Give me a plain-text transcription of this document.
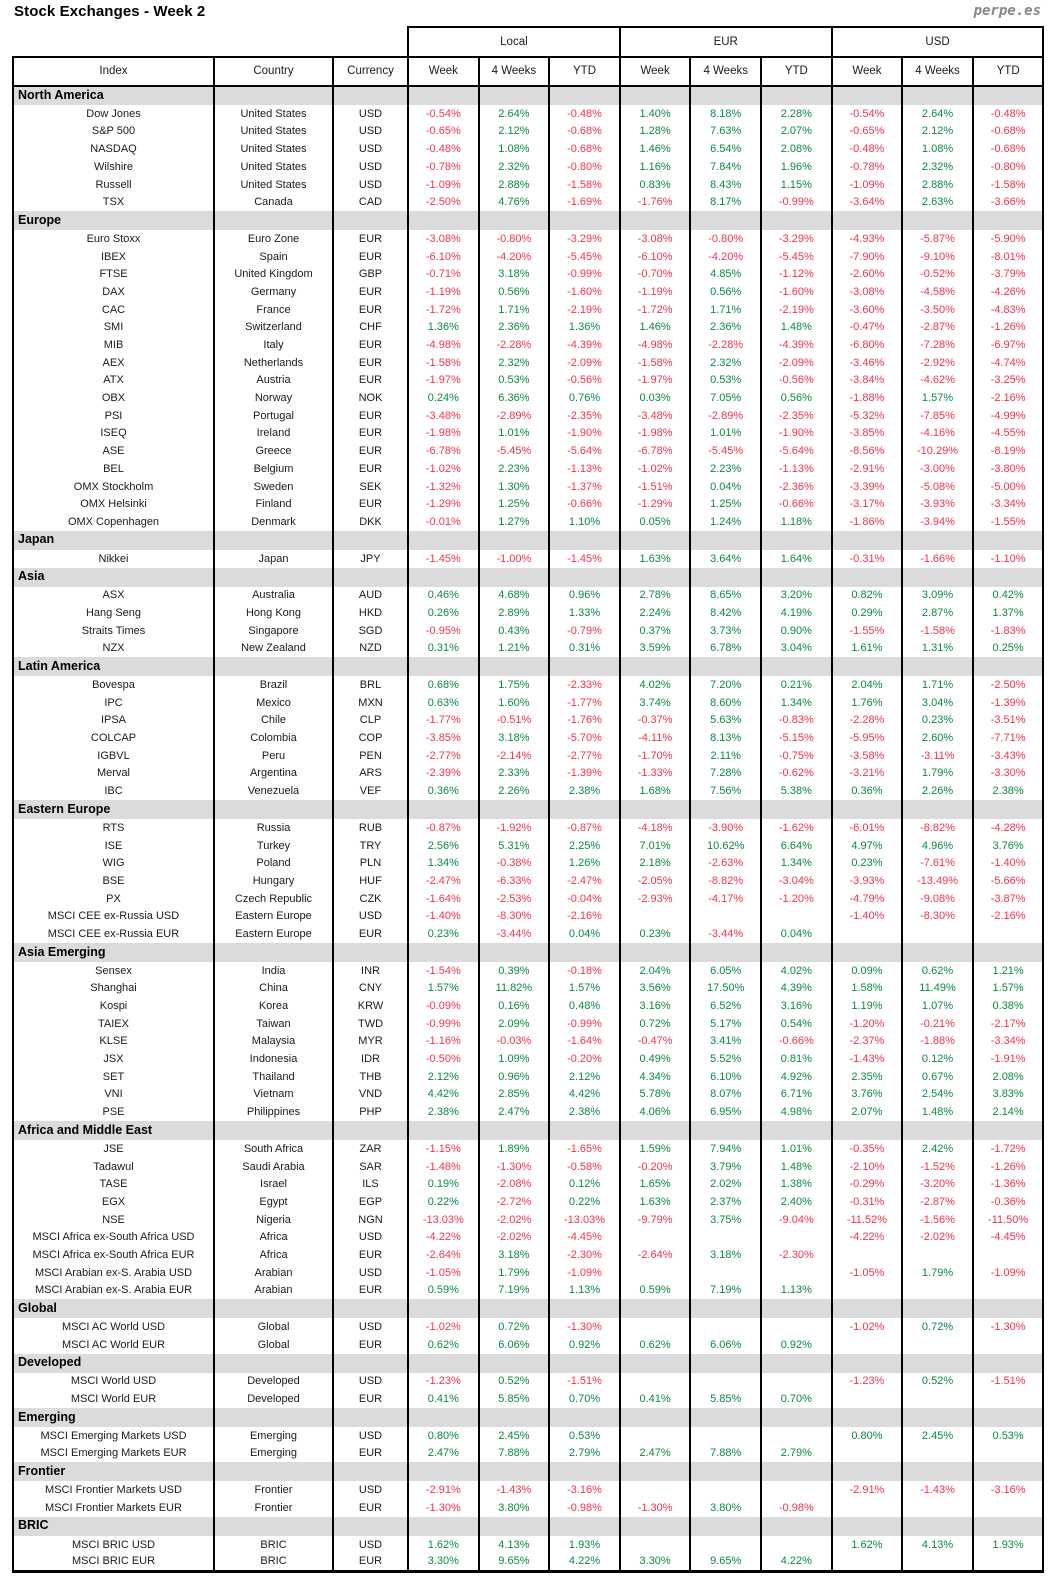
Stock Exchanges - Week 2	perpe.es
			Local			EUR			USD		
Index	Country	Currency	Week	4 Weeks	YTD	Week	4 Weeks	YTD	Week	4 Weeks	YTD
North America											
Dow Jones	United States	USD	-0.54%	2.64%	-0.48%	1.40%	8.18%	2.28%	-0.54%	2.64%	-0.48%
S&P 500	United States	USD	-0.65%	2.12%	-0.68%	1.28%	7.63%	2.07%	-0.65%	2.12%	-0.68%
NASDAQ	United States	USD	-0.48%	1.08%	-0.68%	1.46%	6.54%	2.08%	-0.48%	1.08%	-0.68%
Wilshire	United States	USD	-0.78%	2.32%	-0.80%	1.16%	7.84%	1.96%	-0.78%	2.32%	-0.80%
Russell	United States	USD	-1.09%	2.88%	-1.58%	0.83%	8.43%	1.15%	-1.09%	2.88%	-1.58%
TSX	Canada	CAD	-2.50%	4.76%	-1.69%	-1.76%	8.17%	-0.99%	-3.64%	2.63%	-3.66%
Europe											
Euro Stoxx	Euro Zone	EUR	-3.08%	-0.80%	-3.29%	-3.08%	-0.80%	-3.29%	-4.93%	-5.87%	-5.90%
IBEX	Spain	EUR	-6.10%	-4.20%	-5.45%	-6.10%	-4.20%	-5.45%	-7.90%	-9.10%	-8.01%
FTSE	United Kingdom	GBP	-0.71%	3.18%	-0.99%	-0.70%	4.85%	-1.12%	-2.60%	-0.52%	-3.79%
DAX	Germany	EUR	-1.19%	0.56%	-1.60%	-1.19%	0.56%	-1.60%	-3.08%	-4.58%	-4.26%
CAC	France	EUR	-1.72%	1.71%	-2.19%	-1.72%	1.71%	-2.19%	-3.60%	-3.50%	-4.83%
SMI	Switzerland	CHF	1.36%	2.36%	1.36%	1.46%	2.36%	1.48%	-0.47%	-2.87%	-1.26%
MIB	Italy	EUR	-4.98%	-2.28%	-4.39%	-4.98%	-2.28%	-4.39%	-6.80%	-7.28%	-6.97%
AEX	Netherlands	EUR	-1.58%	2.32%	-2.09%	-1.58%	2.32%	-2.09%	-3.46%	-2.92%	-4.74%
ATX	Austria	EUR	-1.97%	0.53%	-0.56%	-1.97%	0.53%	-0.56%	-3.84%	-4.62%	-3.25%
OBX	Norway	NOK	0.24%	6.36%	0.76%	0.03%	7.05%	0.56%	-1.88%	1.57%	-2.16%
PSI	Portugal	EUR	-3.48%	-2.89%	-2.35%	-3.48%	-2.89%	-2.35%	-5.32%	-7.85%	-4.99%
ISEQ	Ireland	EUR	-1.98%	1.01%	-1.90%	-1.98%	1.01%	-1.90%	-3.85%	-4.16%	-4.55%
ASE	Greece	EUR	-6.78%	-5.45%	-5.64%	-6.78%	-5.45%	-5.64%	-8.56%	-10.29%	-8.19%
BEL	Belgium	EUR	-1.02%	2.23%	-1.13%	-1.02%	2.23%	-1.13%	-2.91%	-3.00%	-3.80%
OMX Stockholm	Sweden	SEK	-1.32%	1.30%	-1.37%	-1.51%	0.04%	-2.36%	-3.39%	-5.08%	-5.00%
OMX Helsinki	Finland	EUR	-1.29%	1.25%	-0.66%	-1.29%	1.25%	-0.66%	-3.17%	-3.93%	-3.34%
OMX Copenhagen	Denmark	DKK	-0.01%	1.27%	1.10%	0.05%	1.24%	1.18%	-1.86%	-3.94%	-1.55%
Japan											
Nikkei	Japan	JPY	-1.45%	-1.00%	-1.45%	1.63%	3.64%	1.64%	-0.31%	-1.66%	-1.10%
Asia											
ASX	Australia	AUD	0.46%	4.68%	0.96%	2.78%	8.65%	3.20%	0.82%	3.09%	0.42%
Hang Seng	Hong Kong	HKD	0.26%	2.89%	1.33%	2.24%	8.42%	4.19%	0.29%	2.87%	1.37%
Straits Times	Singapore	SGD	-0.95%	0.43%	-0.79%	0.37%	3.73%	0.90%	-1.55%	-1.58%	-1.83%
NZX	New Zealand	NZD	0.31%	1.21%	0.31%	3.59%	6.78%	3.04%	1.61%	1.31%	0.25%
Latin America											
Bovespa	Brazil	BRL	0.68%	1.75%	-2.33%	4.02%	7.20%	0.21%	2.04%	1.71%	-2.50%
IPC	Mexico	MXN	0.63%	1.60%	-1.77%	3.74%	8.60%	1.34%	1.76%	3.04%	-1.39%
IPSA	Chile	CLP	-1.77%	-0.51%	-1.76%	-0.37%	5.63%	-0.83%	-2.28%	0.23%	-3.51%
COLCAP	Colombia	COP	-3.85%	3.18%	-5.70%	-4.11%	8.13%	-5.15%	-5.95%	2.60%	-7.71%
IGBVL	Peru	PEN	-2.77%	-2.14%	-2.77%	-1.70%	2.11%	-0.75%	-3.58%	-3.11%	-3.43%
Merval	Argentina	ARS	-2.39%	2.33%	-1.39%	-1.33%	7.28%	-0.62%	-3.21%	1.79%	-3.30%
IBC	Venezuela	VEF	0.36%	2.26%	2.38%	1.68%	7.56%	5.38%	0.36%	2.26%	2.38%
Eastern Europe											
RTS	Russia	RUB	-0.87%	-1.92%	-0.87%	-4.18%	-3.90%	-1.62%	-6.01%	-8.82%	-4.28%
ISE	Turkey	TRY	2.56%	5.31%	2.25%	7.01%	10.62%	6.64%	4.97%	4.96%	3.76%
WIG	Poland	PLN	1.34%	-0.38%	1.26%	2.18%	-2.63%	1.34%	0.23%	-7.61%	-1.40%
BSE	Hungary	HUF	-2.47%	-6.33%	-2.47%	-2.05%	-8.82%	-3.04%	-3.93%	-13.49%	-5.66%
PX	Czech Republic	CZK	-1.64%	-2.53%	-0.04%	-2.93%	-4.17%	-1.20%	-4.79%	-9.08%	-3.87%
MSCI CEE ex-Russia USD	Eastern Europe	USD	-1.40%	-8.30%	-2.16%				-1.40%	-8.30%	-2.16%
MSCI CEE ex-Russia EUR	Eastern Europe	EUR	0.23%	-3.44%	0.04%	0.23%	-3.44%	0.04%			
Asia Emerging											
Sensex	India	INR	-1.54%	0.39%	-0.18%	2.04%	6.05%	4.02%	0.09%	0.62%	1.21%
Shanghai	China	CNY	1.57%	11.82%	1.57%	3.56%	17.50%	4.39%	1.58%	11.49%	1.57%
Kospi	Korea	KRW	-0.09%	0.16%	0.48%	3.16%	6.52%	3.16%	1.19%	1.07%	0.38%
TAIEX	Taiwan	TWD	-0.99%	2.09%	-0.99%	0.72%	5.17%	0.54%	-1.20%	-0.21%	-2.17%
KLSE	Malaysia	MYR	-1.16%	-0.03%	-1.64%	-0.47%	3.41%	-0.66%	-2.37%	-1.88%	-3.34%
JSX	Indonesia	IDR	-0.50%	1.09%	-0.20%	0.49%	5.52%	0.81%	-1.43%	0.12%	-1.91%
SET	Thailand	THB	2.12%	0.96%	2.12%	4.34%	6.10%	4.92%	2.35%	0.67%	2.08%
VNI	Vietnam	VND	4.42%	2.85%	4.42%	5.78%	8.07%	6.71%	3.76%	2.54%	3.83%
PSE	Philippines	PHP	2.38%	2.47%	2.38%	4.06%	6.95%	4.98%	2.07%	1.48%	2.14%
Africa and Middle East											
JSE	South Africa	ZAR	-1.15%	1.89%	-1.65%	1.59%	7.94%	1.01%	-0.35%	2.42%	-1.72%
Tadawul	Saudi Arabia	SAR	-1.48%	-1.30%	-0.58%	-0.20%	3.79%	1.48%	-2.10%	-1.52%	-1.26%
TASE	Israel	ILS	0.19%	-2.08%	0.12%	1.65%	2.02%	1.38%	-0.29%	-3.20%	-1.36%
EGX	Egypt	EGP	0.22%	-2.72%	0.22%	1.63%	2.37%	2.40%	-0.31%	-2.87%	-0.36%
NSE	Nigeria	NGN	-13.03%	-2.02%	-13.03%	-9.79%	3.75%	-9.04%	-11.52%	-1.56%	-11.50%
MSCI Africa ex-South Africa USD	Africa	USD	-4.22%	-2.02%	-4.45%				-4.22%	-2.02%	-4.45%
MSCI Africa ex-South Africa EUR	Africa	EUR	-2.64%	3.18%	-2.30%	-2.64%	3.18%	-2.30%			
MSCI Arabian ex-S. Arabia USD	Arabian	USD	-1.05%	1.79%	-1.09%				-1.05%	1.79%	-1.09%
MSCI Arabian ex-S. Arabia EUR	Arabian	EUR	0.59%	7.19%	1.13%	0.59%	7.19%	1.13%			
Global											
MSCI AC World USD	Global	USD	-1.02%	0.72%	-1.30%				-1.02%	0.72%	-1.30%
MSCI AC World EUR	Global	EUR	0.62%	6.06%	0.92%	0.62%	6.06%	0.92%			
Developed											
MSCI World USD	Developed	USD	-1.23%	0.52%	-1.51%				-1.23%	0.52%	-1.51%
MSCI World EUR	Developed	EUR	0.41%	5.85%	0.70%	0.41%	5.85%	0.70%			
Emerging											
MSCI Emerging Markets USD	Emerging	USD	0.80%	2.45%	0.53%				0.80%	2.45%	0.53%
MSCI Emerging Markets EUR	Emerging	EUR	2.47%	7.88%	2.79%	2.47%	7.88%	2.79%			
Frontier											
MSCI Frontier Markets USD	Frontier	USD	-2.91%	-1.43%	-3.16%				-2.91%	-1.43%	-3.16%
MSCI Frontier Markets EUR	Frontier	EUR	-1.30%	3.80%	-0.98%	-1.30%	3.80%	-0.98%			
BRIC											
MSCI BRIC USD	BRIC	USD	1.62%	4.13%	1.93%				1.62%	4.13%	1.93%
MSCI BRIC EUR	BRIC	EUR	3.30%	9.65%	4.22%	3.30%	9.65%	4.22%			
